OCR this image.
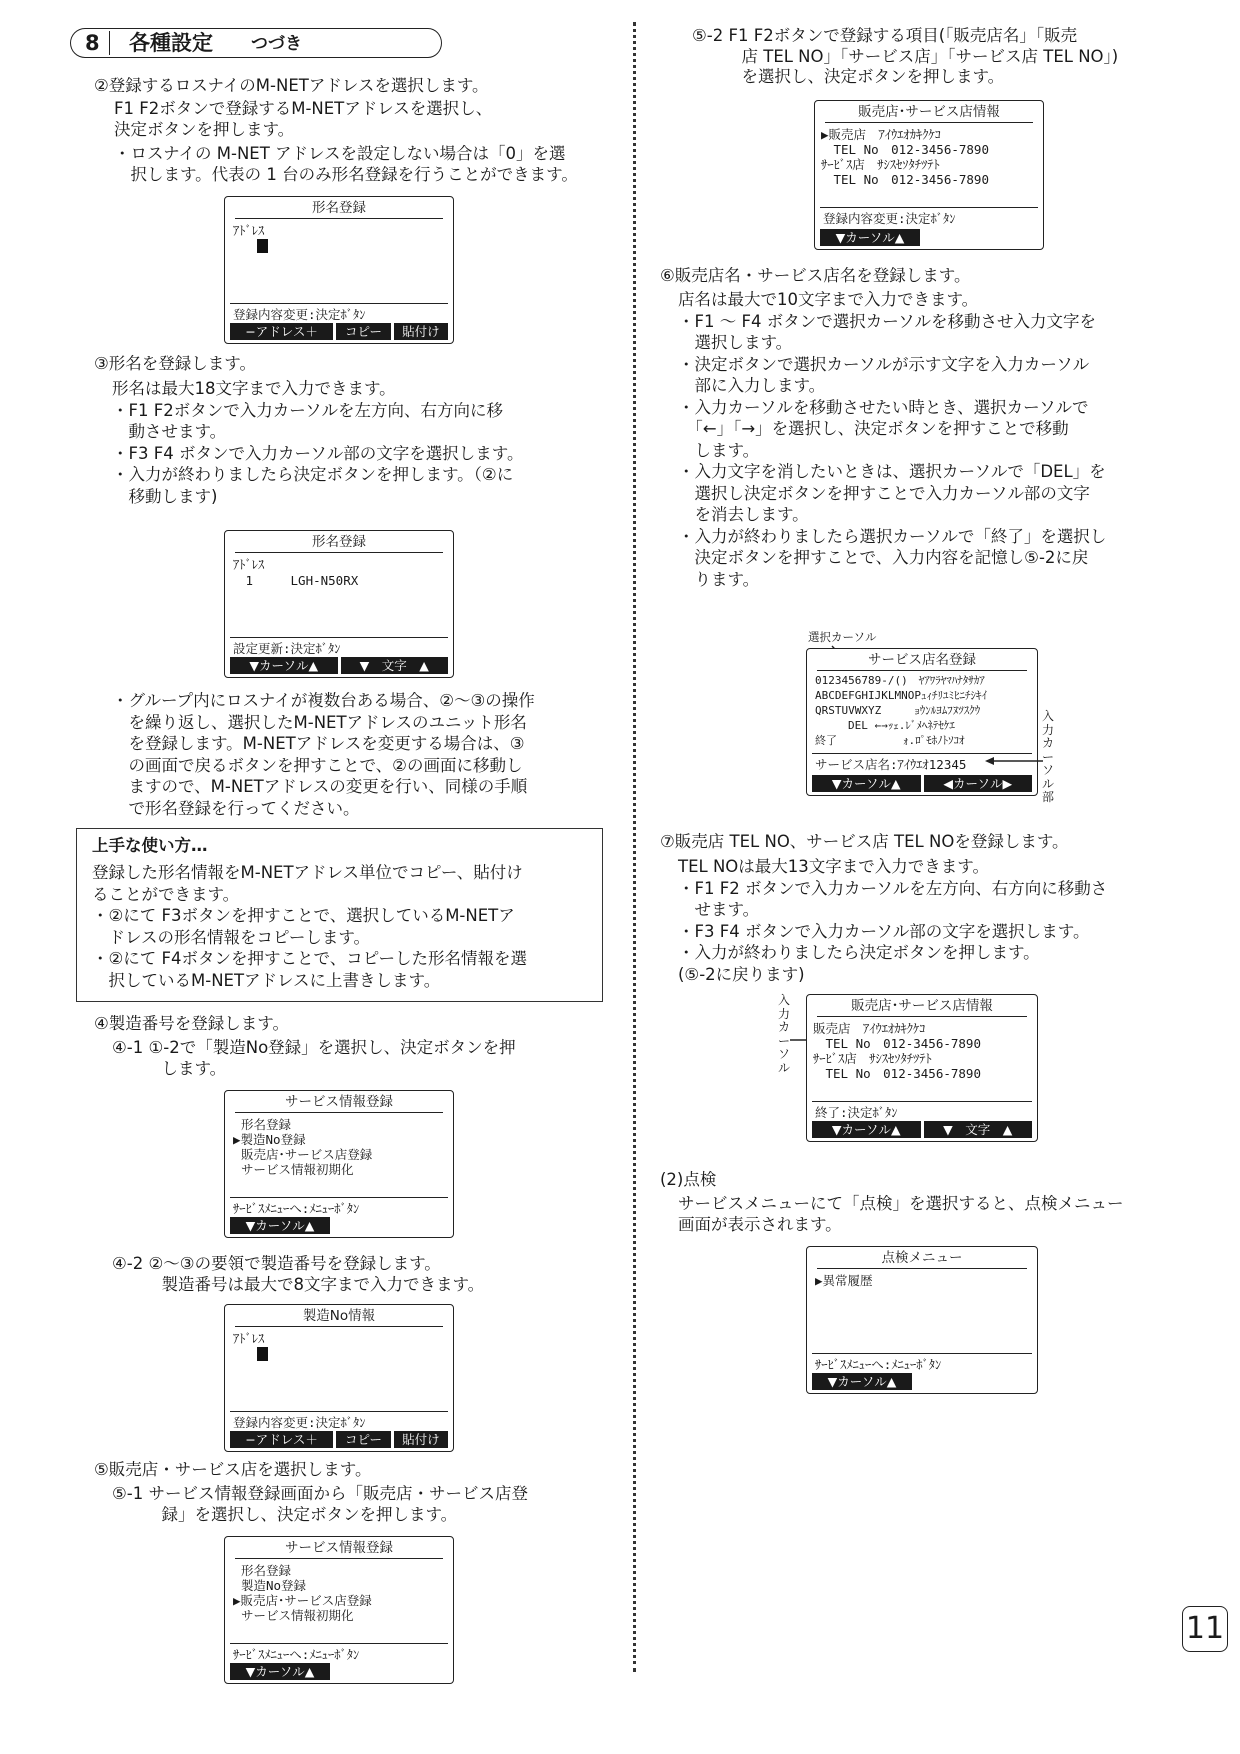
8 各種設定 つづき
②登録するロスナイのM-NETアドレスを選択します。
F1 F2ボタンで登録するM-NETアドレスを選択し、
決定ボタンを押します。
・ロスナイの M-NET アドレスを設定しない場合は「0」を選
　択します。代表の 1 台のみ形名登録を行うことができます。
形名登録
ｱﾄﾞﾚｽ
登録内容変更:決定ﾎﾞﾀﾝ
−アドレス＋	コピー	貼付け
③形名を登録します。
形名は最大18文字まで入力できます。
・F1 F2ボタンで入力カーソルを左方向、右方向に移
　動させます。
・F3 F4 ボタンで入力カーソル部の文字を選択します。
・入力が終わりましたら決定ボタンを押します。（②に
　移動します)
形名登録
ｱﾄﾞﾚｽ
　1　　　LGH-N50RX
設定更新:決定ﾎﾞﾀﾝ
▼カーソル▲	▼　文字　▲
・グループ内にロスナイが複数台ある場合、②〜③の操作
　を繰り返し、選択したM-NETアドレスのユニット形名
　を登録します。M-NETアドレスを変更する場合は、③
　の画面で戻るボタンを押すことで、②の画面に移動し
　ますので、M-NETアドレスの変更を行い、同様の手順
　で形名登録を行ってください。
上手な使い方…
登録した形名情報をM-NETアドレス単位でコピー、貼付け
ることができます。
・②にて F3ボタンを押すことで、選択しているM-NETア
　ドレスの形名情報をコピーします。
・②にて F4ボタンを押すことで、コピーした形名情報を選
　択しているM-NETアドレスに上書きします。
④製造番号を登録します。
④-1 ①-2で「製造No登録」を選択し、決定ボタンを押
　　　します。
サービス情報登録
形名登録
▶製造No登録
販売店･サービス店登録
サービス情報初期化
ｻｰﾋﾞｽﾒﾆｭｰへ:ﾒﾆｭｰﾎﾞﾀﾝ
▼カーソル▲
④-2 ②〜③の要領で製造番号を登録します。
　　　製造番号は最大で8文字まで入力できます。
製造No情報
ｱﾄﾞﾚｽ
登録内容変更:決定ﾎﾞﾀﾝ
−アドレス＋	コピー	貼付け
⑤販売店・サービス店を選択します。
⑤-1 サービス情報登録画面から「販売店・サービス店登
　　　録」を選択し、決定ボタンを押します。
サービス情報登録
形名登録
製造No登録
▶販売店･サービス店登録
サービス情報初期化
ｻｰﾋﾞｽﾒﾆｭｰへ:ﾒﾆｭｰﾎﾞﾀﾝ
▼カーソル▲
⑤-2 F1 F2ボタンで登録する項目(「販売店名」「販売
　　　店 TEL NO」「サービス店」「サービス店 TEL NO」)
　　　を選択し、決定ボタンを押します。
販売店･サービス店情報
▶販売店　ｱｲｳｴｵｶｷｸｹｺ
　TEL No　012-3456-7890
ｻｰﾋﾞｽ店　ｻｼｽｾｿﾀﾁﾂﾃﾄ
　TEL No　012-3456-7890
登録内容変更:決定ﾎﾞﾀﾝ
▼カーソル▲
⑥販売店名・サービス店名を登録します。
店名は最大で10文字まで入力できます。
・F1 〜 F4 ボタンで選択カーソルを移動させ入力文字を
　選択します。
・決定ボタンで選択カーソルが示す文字を入力カーソル
　部に入力します。
・入力カーソルを移動させたい時とき、選択カーソルで
　「←」「→」を選択し、決定ボタンを押すことで移動
　します。
・入力文字を消したいときは、選択カーソルで「DEL」を
　選択し決定ボタンを押すことで入力カーソル部の文字
　を消去します。
・入力が終わりましたら選択カーソルで「終了」を選択し
　決定ボタンを押すことで、入力内容を記憶し⑤-2に戻
　ります。
選択カーソル
サービス店名登録
0123456789-/()　ﾔｱﾜﾗﾔﾏﾊﾅﾀｻｶｱ
ABCDEFGHIJKLMNOPｭｨﾁﾘﾕﾐﾋﾆﾁｼｷｲ
QRSTUVWXYZ　　　ｮｳﾝﾙﾖﾑﾌﾇﾂｽｸｳ
　　　DEL ←→ｯｪ.ﾚﾞﾒﾍﾈﾃｾｹｴ
終了　　　　　　ｫ.ﾛﾟﾓﾎﾉﾄｿｺｵ
サービス店名:ｱｲｳｴｵ12345
▼カーソル▲	◀カーソル▶
入力カーソル部
⑦販売店 TEL NO、サービス店 TEL NOを登録します。
TEL NOは最大13文字まで入力できます。
・F1 F2 ボタンで入力カーソルを左方向、右方向に移動さ
　せます。
・F3 F4 ボタンで入力カーソル部の文字を選択します。
・入力が終わりましたら決定ボタンを押します。
(⑤-2に戻ります)
入力カーソル
販売店･サービス店情報
販売店　ｱｲｳｴｵｶｷｸｹｺ
　TEL No　012-3456-7890
ｻｰﾋﾞｽ店　ｻｼｽｾｿﾀﾁﾂﾃﾄ
　TEL No　012-3456-7890
終了:決定ﾎﾞﾀﾝ
▼カーソル▲	▼　文字　▲
(2)点検
サービスメニューにて「点検」を選択すると、点検メニュー
画面が表示されます。
点検メニュー
▶異常履歴
ｻｰﾋﾞｽﾒﾆｭｰへ:ﾒﾆｭｰﾎﾞﾀﾝ
▼カーソル▲
11
